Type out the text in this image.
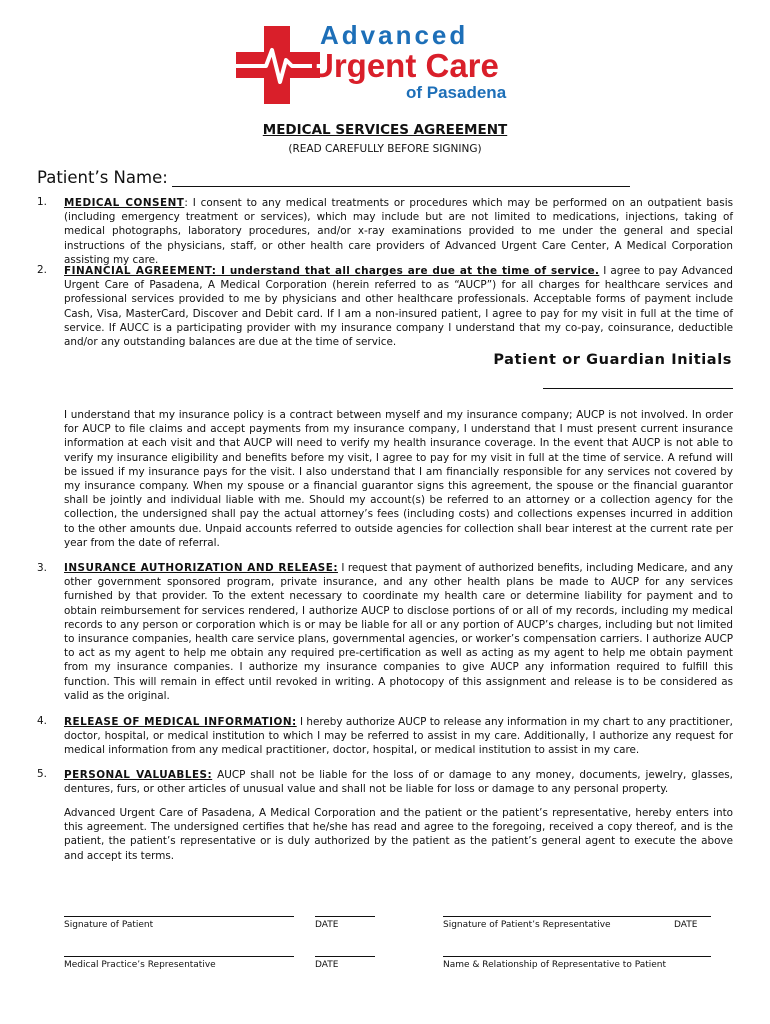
Advanced
Urgent Care
of Pasadena
MEDICAL SERVICES AGREEMENT
(READ CAREFULLY BEFORE SIGNING)
Patient’s Name:
1. MEDICAL CONSENT: I consent to any medical treatments or procedures which may be performed on an outpatient basis (including emergency treatment or services), which may include but are not limited to medications, injections, taking of medical photographs, laboratory procedures, and/or x-ray examinations provided to me under the general and special instructions of the physicians, staff, or other health care providers of Advanced Urgent Care Center, A Medical Corporation assisting my care.
2. FINANCIAL AGREEMENT: I understand that all charges are due at the time of service. I agree to pay Advanced Urgent Care of Pasadena, A Medical Corporation (herein referred to as “AUCP”) for all charges for healthcare services and professional services provided to me by physicians and other healthcare professionals. Acceptable forms of payment include Cash, Visa, MasterCard, Discover and Debit card. If I am a non-insured patient, I agree to pay for my visit in full at the time of service. If AUCC is a participating provider with my insurance company I understand that my co-pay, coinsurance, deductible and/or any outstanding balances are due at the time of service.
Patient or Guardian Initials
I understand that my insurance policy is a contract between myself and my insurance company; AUCP is not involved. In order for AUCP to file claims and accept payments from my insurance company, I understand that I must present current insurance information at each visit and that AUCP will need to verify my health insurance coverage. In the event that AUCP is not able to verify my insurance eligibility and benefits before my visit, I agree to pay for my visit in full at the time of service. A refund will be issued if my insurance pays for the visit. I also understand that I am financially responsible for any services not covered by my insurance company. When my spouse or a financial guarantor signs this agreement, the spouse or the financial guarantor shall be jointly and individual liable with me. Should my account(s) be referred to an attorney or a collection agency for the collection, the undersigned shall pay the actual attorney’s fees (including costs) and collections expenses incurred in addition to the other amounts due. Unpaid accounts referred to outside agencies for collection shall bear interest at the current rate per year from the date of referral.
3. INSURANCE AUTHORIZATION AND RELEASE: I request that payment of authorized benefits, including Medicare, and any other government sponsored program, private insurance, and any other health plans be made to AUCP for any services furnished by that provider. To the extent necessary to coordinate my health care or determine liability for payment and to obtain reimbursement for services rendered, I authorize AUCP to disclose portions of or all of my records, including my medical records to any person or corporation which is or may be liable for all or any portion of AUCP’s charges, including but not limited to insurance companies, health care service plans, governmental agencies, or worker’s compensation carriers. I authorize AUCP to act as my agent to help me obtain any required pre-certification as well as acting as my agent to help me obtain payment from my insurance companies. I authorize my insurance companies to give AUCP any information required to fulfill this function. This will remain in effect until revoked in writing. A photocopy of this assignment and release is to be considered as valid as the original.
4. RELEASE OF MEDICAL INFORMATION: I hereby authorize AUCP to release any information in my chart to any practitioner, doctor, hospital, or medical institution to which I may be referred to assist in my care. Additionally, I authorize any request for medical information from any medical practitioner, doctor, hospital, or medical institution to assist in my care.
5. PERSONAL VALUABLES: AUCP shall not be liable for the loss of or damage to any money, documents, jewelry, glasses, dentures, furs, or other articles of unusual value and shall not be liable for loss or damage to any personal property.
Advanced Urgent Care of Pasadena, A Medical Corporation and the patient or the patient’s representative, hereby enters into this agreement. The undersigned certifies that he/she has read and agree to the foregoing, received a copy thereof, and is the patient, the patient’s representative or is duly authorized by the patient as the patient’s general agent to execute the above and accept its terms.
Signature of Patient	DATE	Signature of Patient’s Representative	DATE
Medical Practice’s Representative	DATE	Name & Relationship of Representative to Patient
